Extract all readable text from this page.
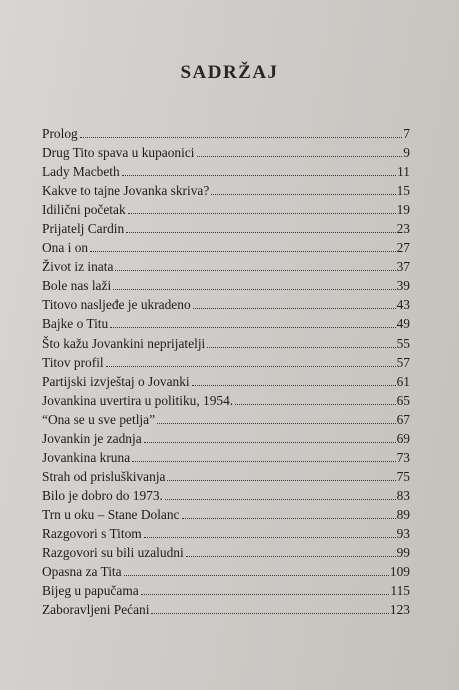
SADRŽAJ
Prolog	7
Drug Tito spava u kupaonici	9
Lady Macbeth	11
Kakve to tajne Jovanka skriva?	15
Idilični početak	19
Prijatelj Cardin	23
Ona i on	27
Život iz inata	37
Bole nas laži	39
Titovo nasljeđe je ukradeno	43
Bajke o Titu	49
Što kažu Jovankini neprijatelji	55
Titov profil	57
Partijski izvještaj o Jovanki	61
Jovankina uvertira u politiku, 1954.	65
“Ona se u sve petlja”	67
Jovankin je zadnja	69
Jovankina kruna	73
Strah od prisluškivanja	75
Bilo je dobro do 1973.	83
Trn u oku – Stane Dolanc	89
Razgovori s Titom	93
Razgovori su bili uzaludni	99
Opasna za Tita	109
Bijeg u papučama	115
Zaboravljeni Pećani	123
